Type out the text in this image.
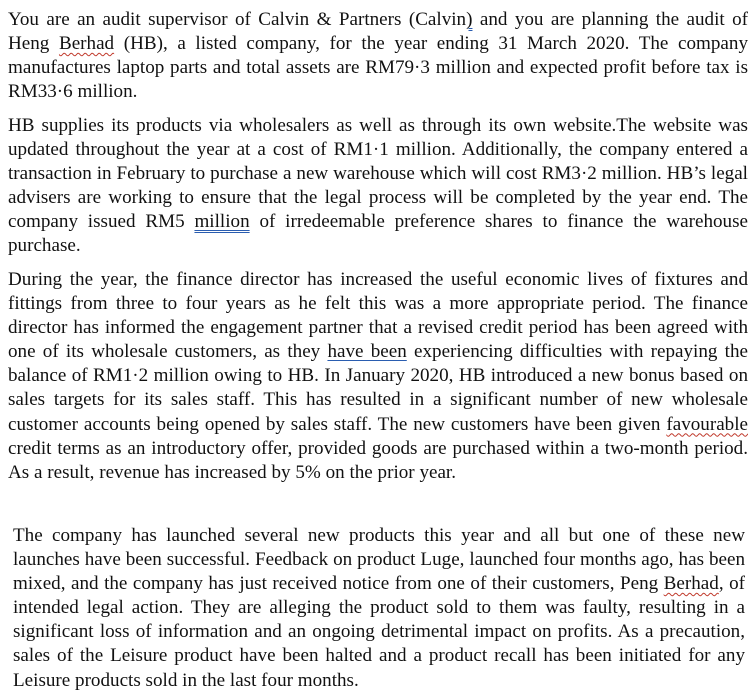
You are an audit supervisor of Calvin & Partners (Calvin) and you are planning the audit of Heng Berhad (HB), a listed company, for the year ending 31 March 2020. The company manufactures laptop parts and total assets are RM79·3 million and expected profit before tax is RM33·6 million.

HB supplies its products via wholesalers as well as through its own website.The website was updated throughout the year at a cost of RM1·1 million. Additionally, the company entered a transaction in February to purchase a new warehouse which will cost RM3·2 million. HB’s legal advisers are working to ensure that the legal process will be completed by the year end. The company issued RM5 million of irredeemable preference shares to finance the warehouse purchase.

During the year, the finance director has increased the useful economic lives of fixtures and fittings from three to four years as he felt this was a more appropriate period. The finance director has informed the engagement partner that a revised credit period has been agreed with one of its wholesale customers, as they have been experiencing difficulties with repaying the balance of RM1·2 million owing to HB. In January 2020, HB introduced a new bonus based on sales targets for its sales staff. This has resulted in a significant number of new wholesale customer accounts being opened by sales staff. The new customers have been given favourable credit terms as an introductory offer, provided goods are purchased within a two-month period. As a result, revenue has increased by 5% on the prior year.

The company has launched several new products this year and all but one of these new launches have been successful. Feedback on product Luge, launched four months ago, has been mixed, and the company has just received notice from one of their customers, Peng Berhad, of intended legal action. They are alleging the product sold to them was faulty, resulting in a significant loss of information and an ongoing detrimental impact on profits. As a precaution, sales of the Leisure product have been halted and a product recall has been initiated for any Leisure products sold in the last four months.
